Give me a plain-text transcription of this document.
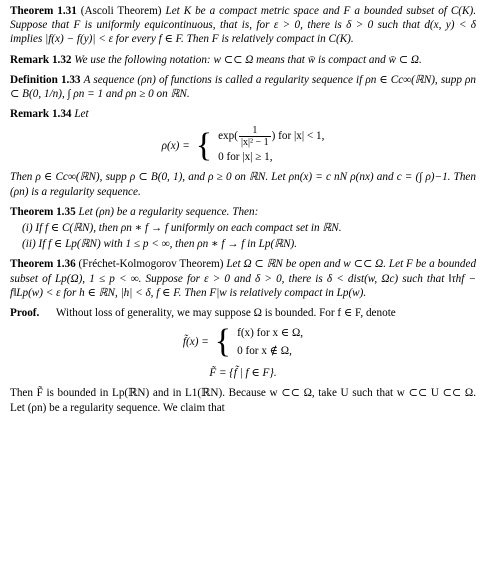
Theorem 1.31 (Ascoli Theorem) Let K be a compact metric space and F a bounded subset of C(K). Suppose that F is uniformly equicontinuous, that is, for ε > 0, there is δ > 0 such that d(x, y) < δ implies |f(x) − f(y)| < ε for every f ∈ F. Then F is relatively compact in C(K).
Remark 1.32 We use the following notation: w ⊂⊂ Ω means that w̄ is compact and w̄ ⊂ Ω.
Definition 1.33 A sequence (ρn) of functions is called a regularity sequence if ρn ∈ Cc∞(ℝN), supp ρn ⊂ B(0, 1/n), ∫ ρn = 1 and ρn ≥ 0 on ℝN.
Remark 1.34 Let
ρ(x) = { $\exp( \frac{1}{\text{|x|² − 1}}$ ) for |x| < 1,
0 for |x| ≥ 1,
Then ρ ∈ Cc∞(ℝN), supp ρ ⊂ B(0, 1), and ρ ≥ 0 on ℝN. Let ρn(x) = c nN ρ(nx) and c = (∫ ρ)−1. Then (ρn) is a regularity sequence.
Theorem 1.35 Let (ρn) be a regularity sequence. Then:
(i) If f ∈ C(ℝN), then ρn ∗ f → f uniformly on each compact set in ℝN.
(ii) If f ∈ Lp(ℝN) with 1 ≤ p < ∞, then ρn ∗ f → f in Lp(ℝN).
Theorem 1.36 (Fréchet-Kolmogorov Theorem) Let Ω ⊂ ℝN be open and w ⊂⊂ Ω. Let F be a bounded subset of Lp(Ω), 1 ≤ p < ∞. Suppose for ε > 0 and δ > 0, there is δ < dist(w, Ωc) such that ‖τhf − f‖Lp(w) < ε for h ∈ ℝN, |h| < δ, f ∈ F. Then F|w is relatively compact in Lp(w).
Proof. Without loss of generality, we may suppose Ω is bounded. For f ∈ F, denote
f̃(x) = { f(x) for x ∈ Ω,
0 for x ∉ Ω,
F̃ = {f̃ | f ∈ F}.
Then F̃ is bounded in Lp(ℝN) and in L1(ℝN). Because w ⊂⊂ Ω, take U such that w ⊂⊂ U ⊂⊂ Ω. Let (ρn) be a regularity sequence. We claim that
